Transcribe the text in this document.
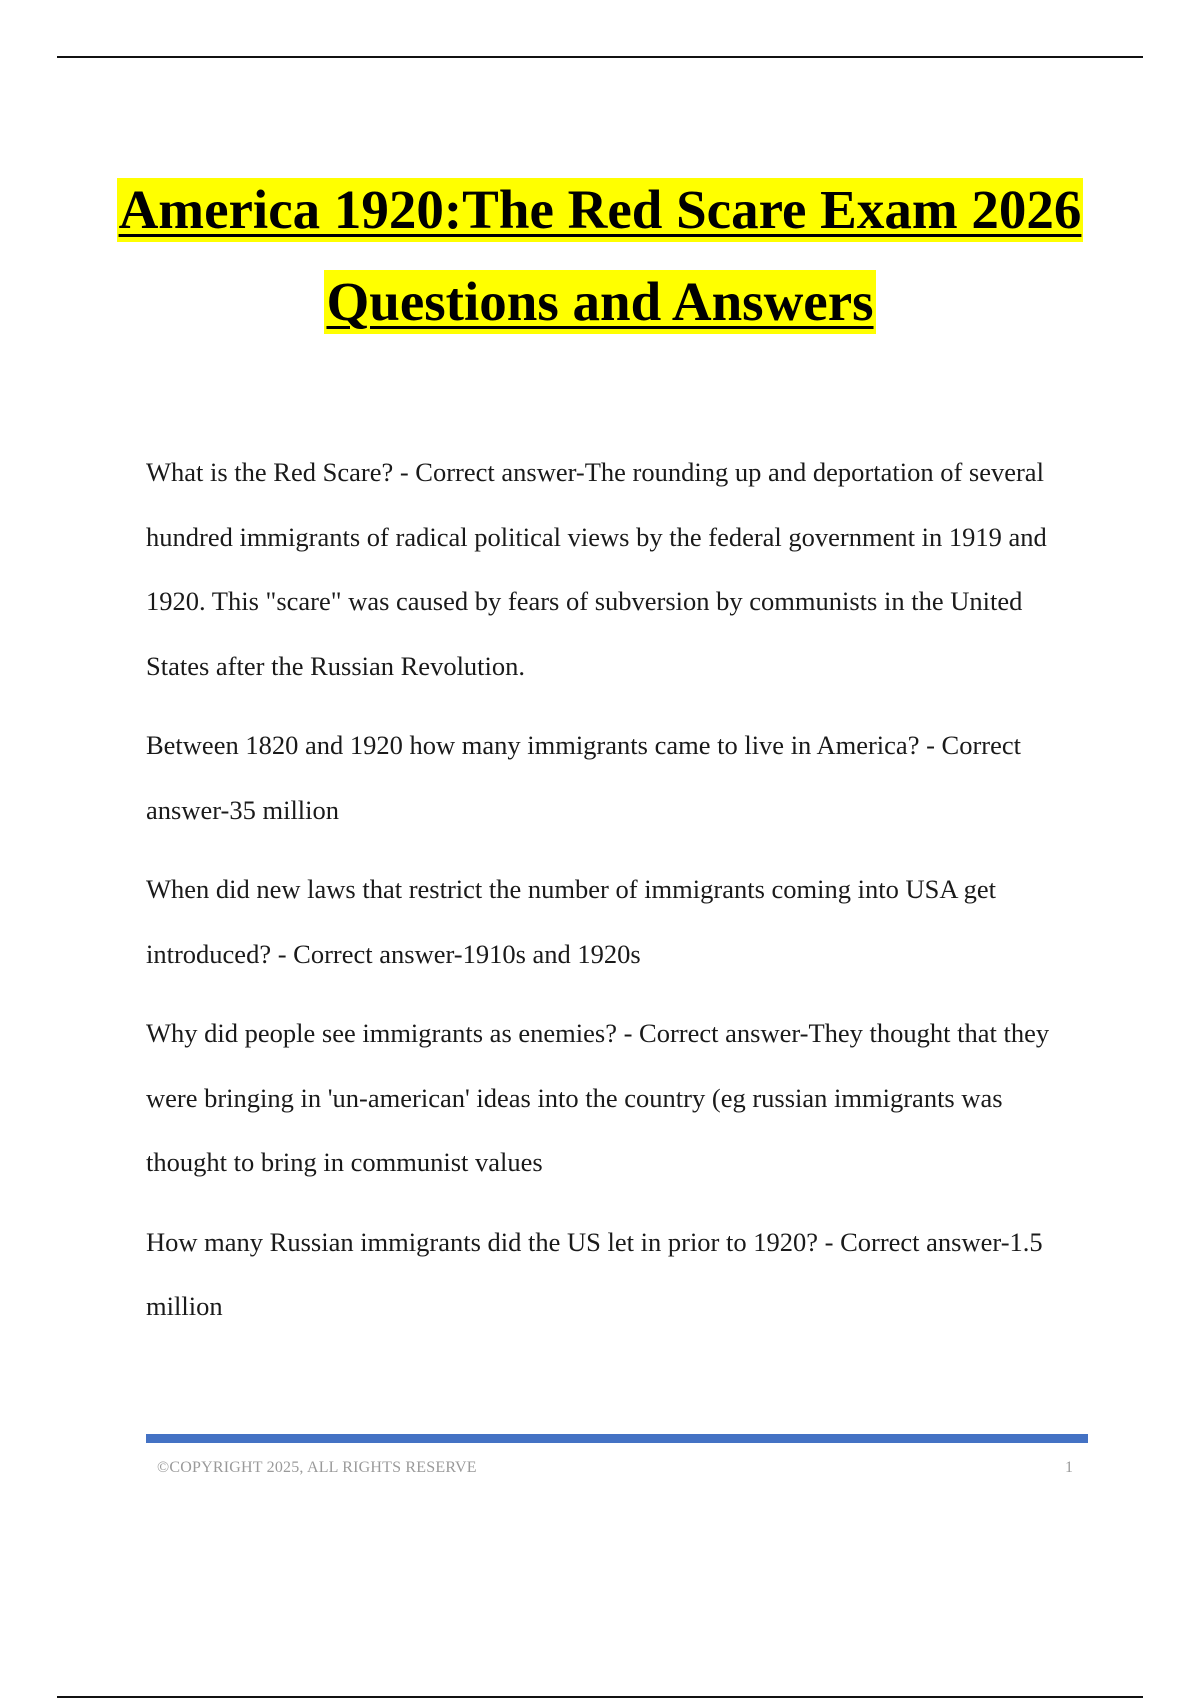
America 1920:The Red Scare Exam 2026
Questions and Answers

What is the Red Scare? - Correct answer-The rounding up and deportation of several hundred immigrants of radical political views by the federal government in 1919 and 1920. This "scare" was caused by fears of subversion by communists in the United States after the Russian Revolution.

Between 1820 and 1920 how many immigrants came to live in America? - Correct answer-35 million

When did new laws that restrict the number of immigrants coming into USA get introduced? - Correct answer-1910s and 1920s

Why did people see immigrants as enemies? - Correct answer-They thought that they were bringing in 'un-american' ideas into the country (eg russian immigrants was thought to bring in communist values

How many Russian immigrants did the US let in prior to 1920? - Correct answer-1.5 million

©COPYRIGHT 2025, ALL RIGHTS RESERVE	1
